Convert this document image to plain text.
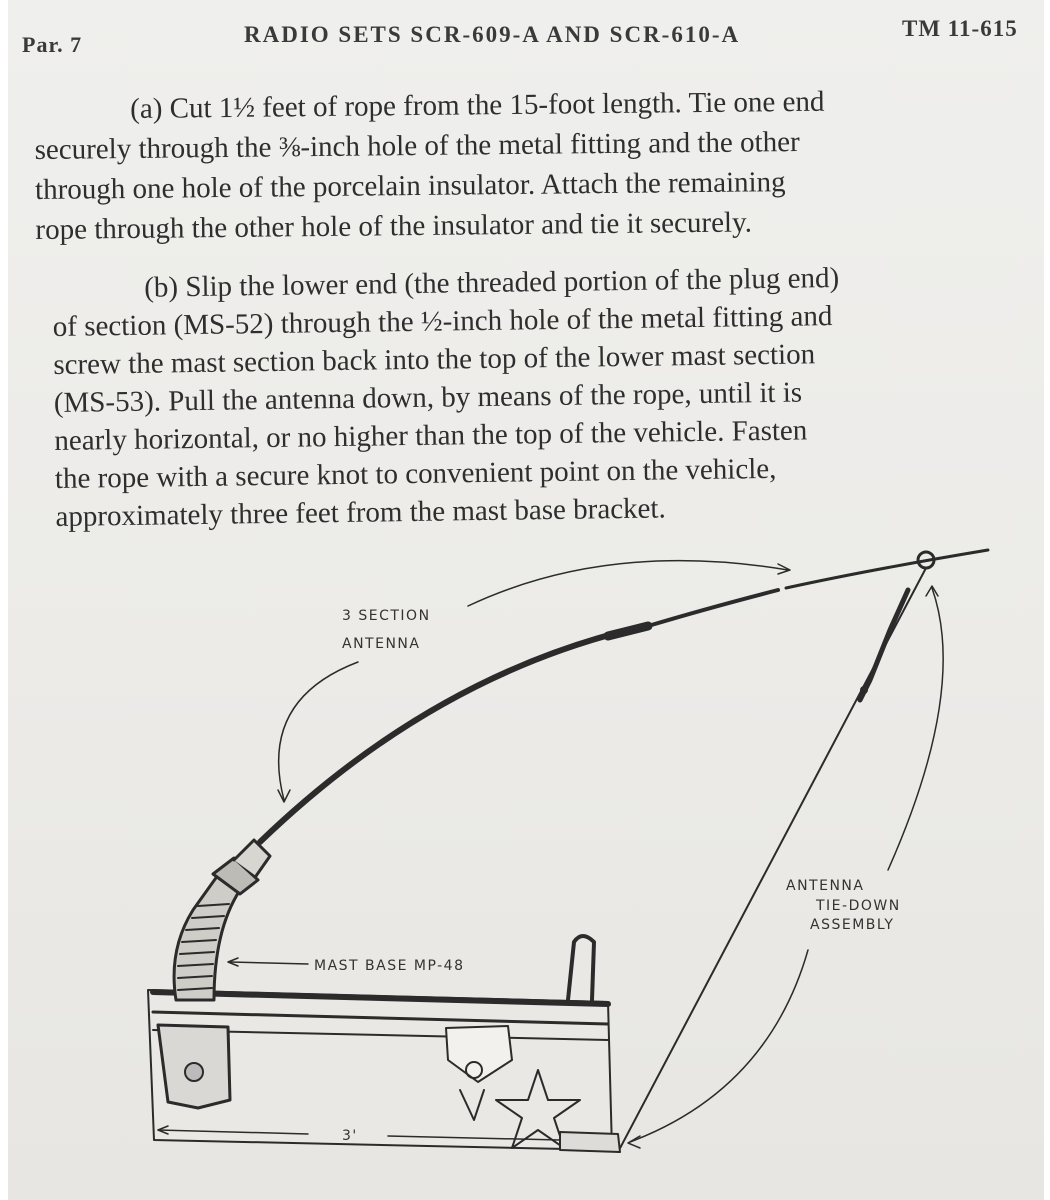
Par. 7	RADIO SETS SCR-609-A AND SCR-610-A	TM 11-615
(a) Cut 1½ feet of rope from the 15-foot length. Tie one end
securely through the ⅜-inch hole of the metal fitting and the other
through one hole of the porcelain insulator. Attach the remaining
rope through the other hole of the insulator and tie it securely.
(b) Slip the lower end (the threaded portion of the plug end)
of section (MS-52) through the ½-inch hole of the metal fitting and
screw the mast section back into the top of the lower mast section
(MS-53). Pull the antenna down, by means of the rope, until it is
nearly horizontal, or no higher than the top of the vehicle. Fasten
the rope with a secure knot to convenient point on the vehicle,
approximately three feet from the mast base bracket.
3 SECTION
ANTENNA
MAST BASE MP-48
ANTENNA
TIE-DOWN
ASSEMBLY
3'
